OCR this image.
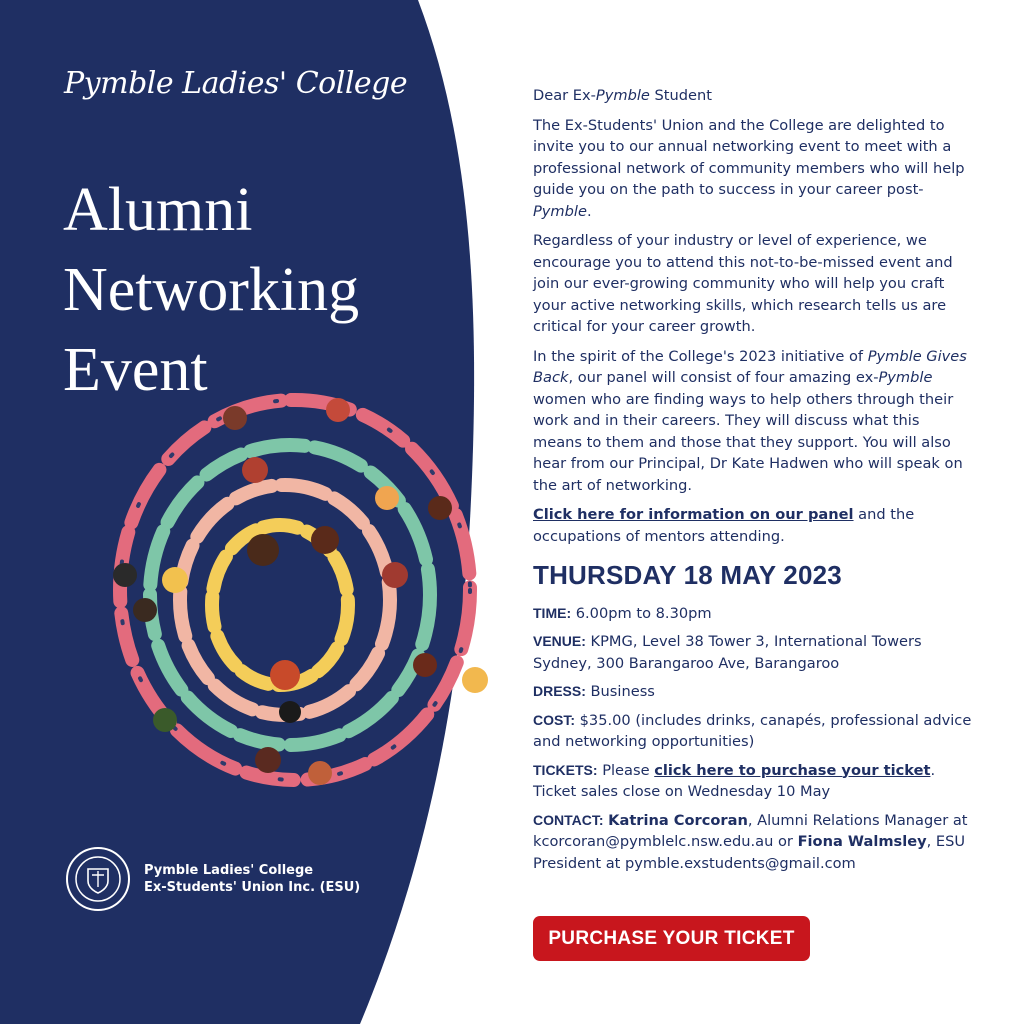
Pymble Ladies' College
Alumni
Networking
Event
Pymble Ladies' College
Ex-Students' Union Inc. (ESU)

Dear Ex-Pymble Student

The Ex-Students' Union and the College are delighted to invite you to our annual networking event to meet with a professional network of community members who will help guide you on the path to success in your career post-Pymble.

Regardless of your industry or level of experience, we encourage you to attend this not-to-be-missed event and join our ever-growing community who will help you craft your active networking skills, which research tells us are critical for your career growth.

In the spirit of the College's 2023 initiative of Pymble Gives Back, our panel will consist of four amazing ex-Pymble women who are finding ways to help others through their work and in their careers. They will discuss what this means to them and those that they support. You will also hear from our Principal, Dr Kate Hadwen who will speak on the art of networking.

Click here for information on our panel and the occupations of mentors attending.

THURSDAY 18 MAY 2023

TIME: 6.00pm to 8.30pm

VENUE: KPMG, Level 38 Tower 3, International Towers Sydney, 300 Barangaroo Ave, Barangaroo

DRESS: Business

COST: $35.00 (includes drinks, canapés, professional advice and networking opportunities)

TICKETS: Please click here to purchase your ticket. Ticket sales close on Wednesday 10 May

CONTACT: Katrina Corcoran, Alumni Relations Manager at kcorcoran@pymblelc.nsw.edu.au or Fiona Walmsley, ESU President at pymble.exstudents@gmail.com

PURCHASE YOUR TICKET
